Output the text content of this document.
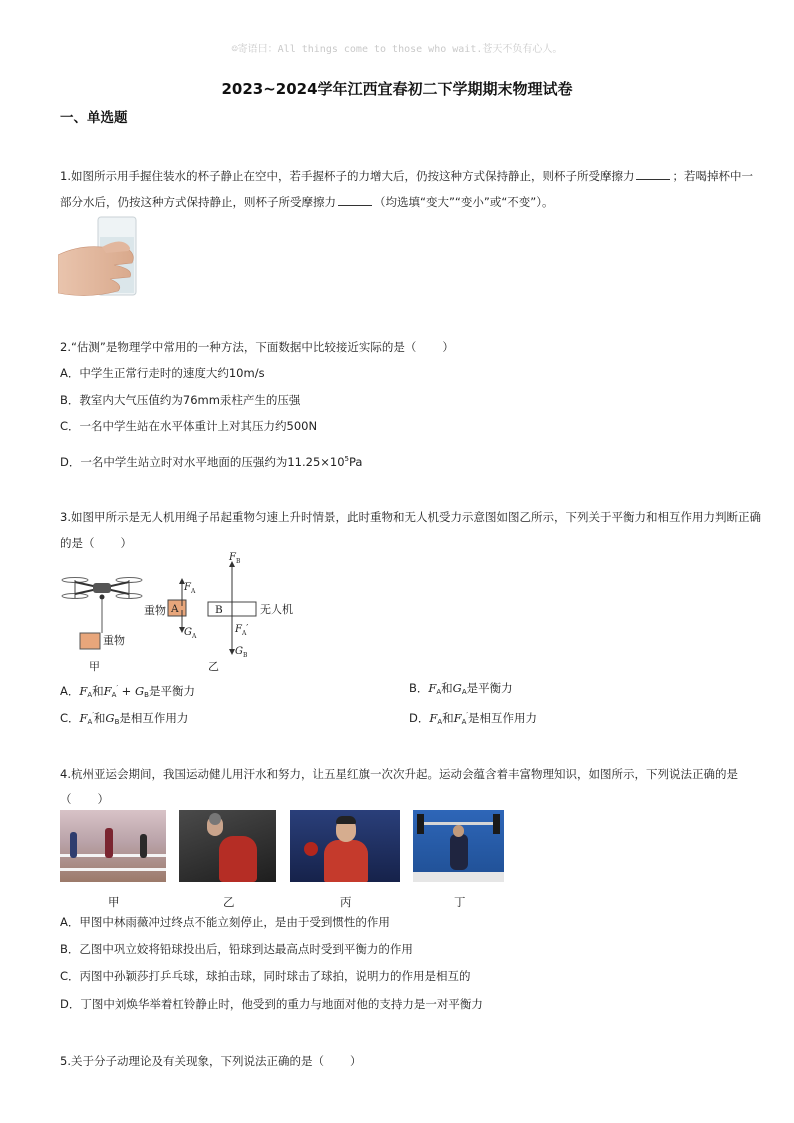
☺寄语曰：All things come to those who wait.苍天不负有心人。
2023~2024学年江西宜春初二下学期期末物理试卷
一、单选题
1.如图所示用手握住装水的杯子静止在空中，若手握杯子的力增大后，仍按这种方式保持静止，则杯子所受摩擦力	；若喝掉杯中一
部分水后，仍按这种方式保持静止，则杯子所受摩擦力	（均选填“变大”“变小”或“不变”）。
2.“估测”是物理学中常用的一种方法，下面数据中比较接近实际的是（ ）
A．中学生正常行走时的速度大约10m/s
B．教室内大气压值约为76mm汞柱产生的压强
C．一名中学生站在水平体重计上对其压力约500N
D．一名中学生站立时对水平地面的压强约为$11.25\times 10^5Pa$
3.如图甲所示是无人机用绳子吊起重物匀速上升时情景，此时重物和无人机受力示意图如图乙所示，下列关于平衡力和相互作用力判断正确
的是（ ）
重物
甲
重物 A
$F_A$
$G_A$
B	无人机
$F_B$
$F_A'$
$G_B$
乙
A．$F_A$和$F_A' + G_B$是平衡力	B．$F_A$和$G_A$是平衡力
C．$F_A'$和$G_B$是相互作用力	D．$F_A$和$F_A'$是相互作用力
4.杭州亚运会期间，我国运动健儿用汗水和努力，让五星红旗一次次升起。运动会蕴含着丰富物理知识，如图所示，下列说法正确的是
（ ）
甲	乙	丙	丁
A．甲图中林雨薇冲过终点不能立刻停止，是由于受到惯性的作用
B．乙图中巩立姣将铅球投出后，铅球到达最高点时受到平衡力的作用
C．丙图中孙颖莎打乒乓球，球拍击球，同时球击了球拍，说明力的作用是相互的
D．丁图中刘焕华举着杠铃静止时，他受到的重力与地面对他的支持力是一对平衡力
5.关于分子动理论及有关现象，下列说法正确的是（ ）
